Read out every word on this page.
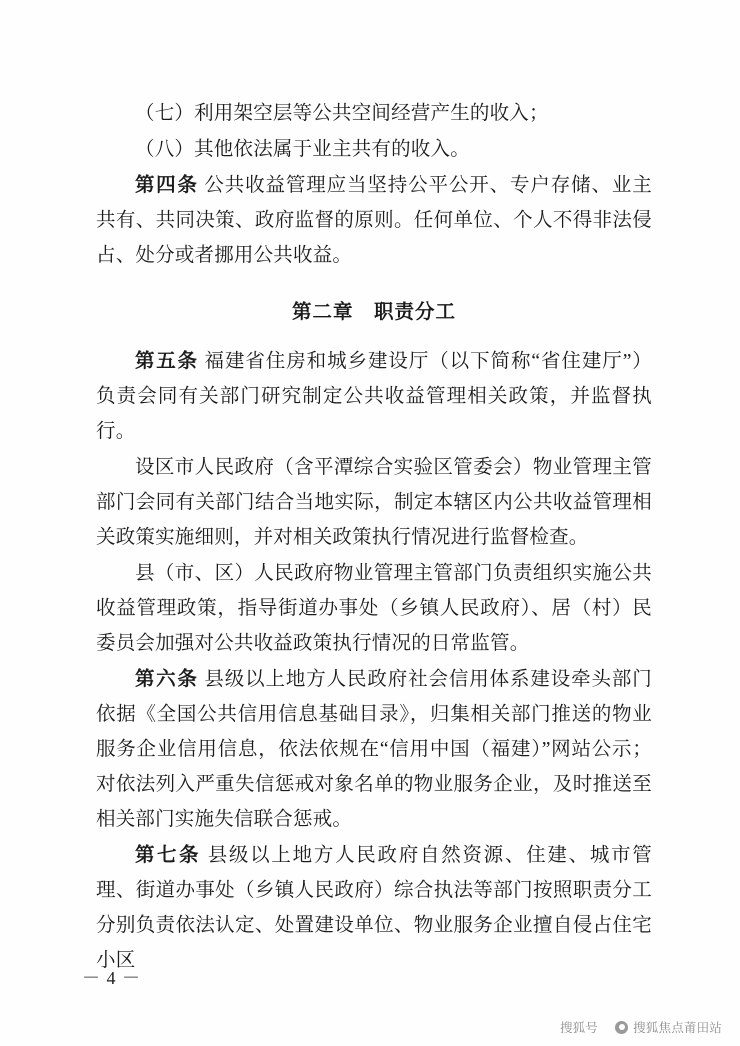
（七）利用架空层等公共空间经营产生的收入；

（八）其他依法属于业主共有的收入。

第四条 公共收益管理应当坚持公平公开、专户存储、业主共有、共同决策、政府监督的原则。任何单位、个人不得非法侵占、处分或者挪用公共收益。

第二章　职责分工

第五条 福建省住房和城乡建设厅（以下简称“省住建厅”）负责会同有关部门研究制定公共收益管理相关政策，并监督执行。

设区市人民政府（含平潭综合实验区管委会）物业管理主管部门会同有关部门结合当地实际，制定本辖区内公共收益管理相关政策实施细则，并对相关政策执行情况进行监督检查。

县（市、区）人民政府物业管理主管部门负责组织实施公共收益管理政策，指导街道办事处（乡镇人民政府）、居（村）民委员会加强对公共收益政策执行情况的日常监管。

第六条 县级以上地方人民政府社会信用体系建设牵头部门依据《全国公共信用信息基础目录》，归集相关部门推送的物业服务企业信用信息，依法依规在“信用中国（福建）”网站公示；对依法列入严重失信惩戒对象名单的物业服务企业，及时推送至相关部门实施失信联合惩戒。

第七条 县级以上地方人民政府自然资源、住建、城市管理、街道办事处（乡镇人民政府）综合执法等部门按照职责分工分别负责依法认定、处置建设单位、物业服务企业擅自侵占住宅小区

－ 4 －
搜狐号	搜狐焦点莆田站
